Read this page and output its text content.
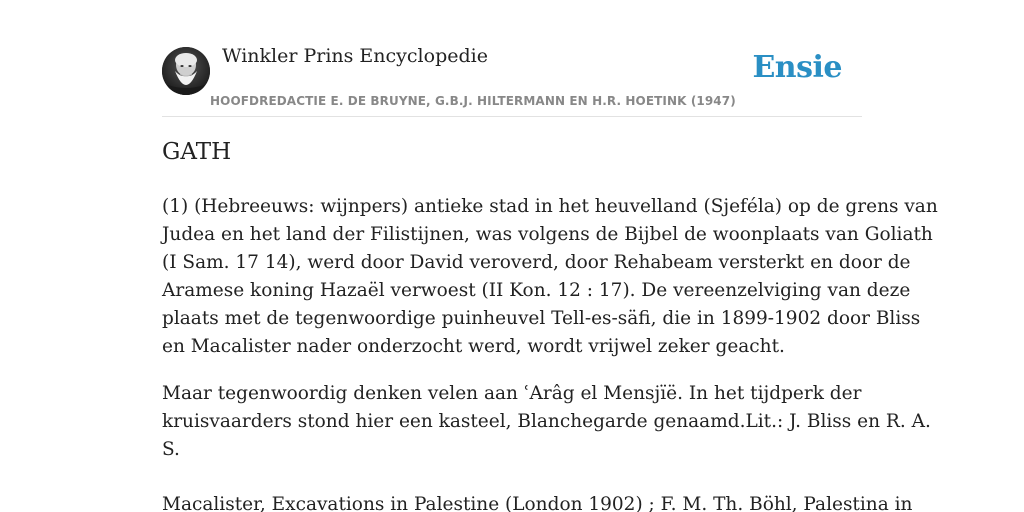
Winkler Prins Encyclopedie
HOOFDREDACTIE E. DE BRUYNE, G.B.J. HILTERMANN EN H.R. HOETINK (1947)
Ensie
GATH

(1) (Hebreeuws: wijnpers) antieke stad in het heuvelland (Sjeféla) op de grens van
Judea en het land der Filistijnen, was volgens de Bijbel de woonplaats van Goliath
(I Sam. 17 14), werd door David veroverd, door Rehabeam versterkt en door de
Aramese koning Hazaël verwoest (II Kon. 12 : 17). De vereenzelviging van deze
plaats met de tegenwoordige puinheuvel Tell-es-säfi, die in 1899-1902 door Bliss
en Macalister nader onderzocht werd, wordt vrijwel zeker geacht.

Maar tegenwoordig denken velen aan ʿArâg el Mensjïë. In het tijdperk der
kruisvaarders stond hier een kasteel, Blanchegarde genaamd.Lit.: J. Bliss en R. A.
S.

Macalister, Excavations in Palestine (London 1902) ; F. M. Th. Böhl, Palestina in
